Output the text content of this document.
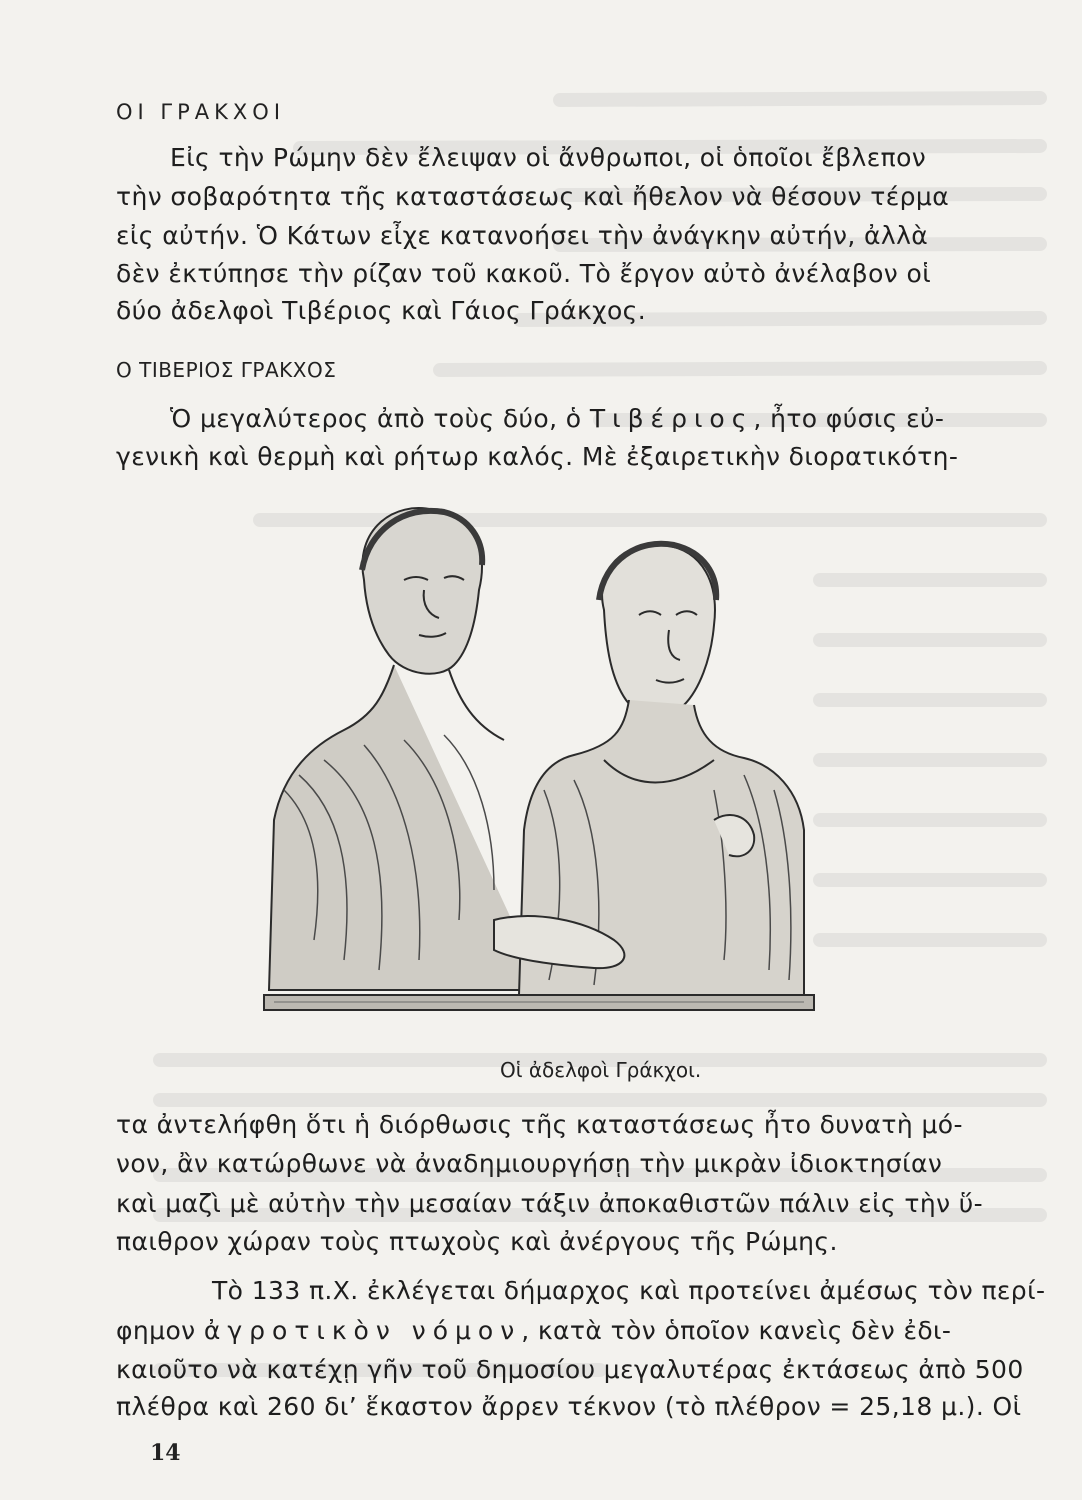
ΟΙ ΓΡΑΚΧΟΙ
Εἰς τὴν Ρώμην δὲν ἔλειψαν οἱ ἄνθρωποι, οἱ ὁποῖοι ἔβλεπον
τὴν σοβαρότητα τῆς καταστάσεως καὶ ἤθελον νὰ θέσουν τέρμα
εἰς αὐτήν. Ὁ Κάτων εἶχε κατανοήσει τὴν ἀνάγκην αὐτήν, ἀλλὰ
δὲν ἐκτύπησε τὴν ρίζαν τοῦ κακοῦ. Τὸ ἔργον αὐτὸ ἀνέλαβον οἱ
δύο ἀδελφοὶ Τιβέριος καὶ Γάιος Γράκχος.
Ο ΤΙΒΕΡΙΟΣ ΓΡΑΚΧΟΣ
Ὁ μεγαλύτερος ἀπὸ τοὺς δύο, ὁ Τιβέριος, ἦτο φύσις εὐ-
γενικὴ καὶ θερμὴ καὶ ρήτωρ καλός. Μὲ ἐξαιρετικὴν διορατικότη-
Οἱ ἀδελφοὶ Γράκχοι.
τα ἀντελήφθη ὅτι ἡ διόρθωσις τῆς καταστάσεως ἦτο δυνατὴ μό-
νον, ἂν κατώρθωνε νὰ ἀναδημιουργήσῃ τὴν μικρὰν ἰδιοκτησίαν
καὶ μαζὶ μὲ αὐτὴν τὴν μεσαίαν τάξιν ἀποκαθιστῶν πάλιν εἰς τὴν ὕ-
παιθρον χώραν τοὺς πτωχοὺς καὶ ἀνέργους τῆς Ρώμης.
Τὸ 133 π.Χ. ἐκλέγεται δήμαρχος καὶ προτείνει ἀμέσως τὸν περί-
φημον ἀγροτικὸν νόμον, κατὰ τὸν ὁποῖον κανεὶς δὲν ἐδι-
καιοῦτο νὰ κατέχῃ γῆν τοῦ δημοσίου μεγαλυτέρας ἐκτάσεως ἀπὸ 500
πλέθρα καὶ 260 δι’ ἕκαστον ἄρρεν τέκνον (τὸ πλέθρον = 25,18 μ.). Οἱ
14
